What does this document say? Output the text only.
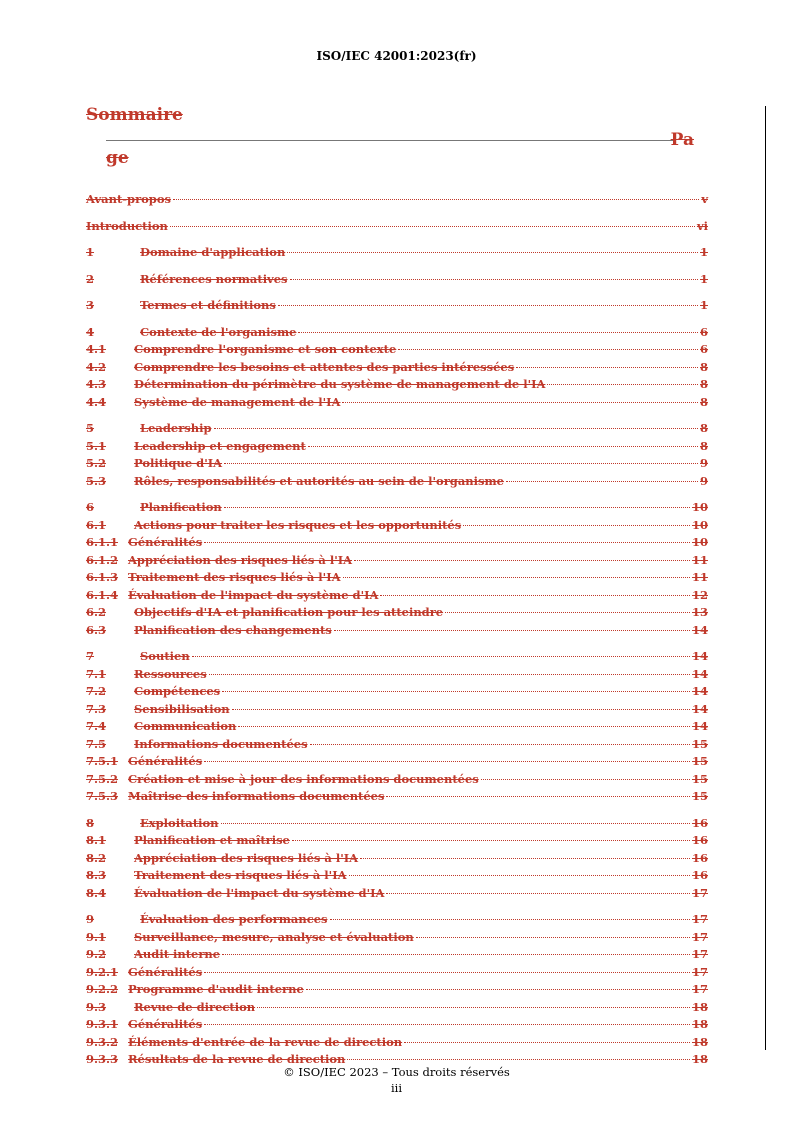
ISO/IEC 42001:2023(fr)
Sommaire
Pa
ge
Avant-propos	v
Introduction	vi
1	Domaine d'application	1
2	Références normatives	1
3	Termes et définitions	1
4	Contexte de l'organisme	6
4.1	Comprendre l'organisme et son contexte	6
4.2	Comprendre les besoins et attentes des parties intéressées	8
4.3	Détermination du périmètre du système de management de l'IA	8
4.4	Système de management de l'IA	8
5	Leadership	8
5.1	Leadership et engagement	8
5.2	Politique d'IA	9
5.3	Rôles, responsabilités et autorités au sein de l'organisme	9
6	Planification	10
6.1	Actions pour traiter les risques et les opportunités	10
6.1.1 Généralités	10
6.1.2 Appréciation des risques liés à l'IA	11
6.1.3 Traitement des risques liés à l'IA	11
6.1.4 Évaluation de l'impact du système d'IA	12
6.2	Objectifs d'IA et planification pour les atteindre	13
6.3	Planification des changements	14
7	Soutien	14
7.1	Ressources	14
7.2	Compétences	14
7.3	Sensibilisation	14
7.4	Communication	14
7.5	Informations documentées	15
7.5.1 Généralités	15
7.5.2 Création et mise à jour des informations documentées	15
7.5.3 Maîtrise des informations documentées	15
8	Exploitation	16
8.1	Planification et maîtrise	16
8.2	Appréciation des risques liés à l'IA	16
8.3	Traitement des risques liés à l'IA	16
8.4	Évaluation de l'impact du système d'IA	17
9	Évaluation des performances	17
9.1	Surveillance, mesure, analyse et évaluation	17
9.2	Audit interne	17
9.2.1 Généralités	17
9.2.2 Programme d'audit interne	17
9.3	Revue de direction	18
9.3.1 Généralités	18
9.3.2 Éléments d'entrée de la revue de direction	18
9.3.3 Résultats de la revue de direction	18
© ISO/IEC 2023 – Tous droits réservés
iii
